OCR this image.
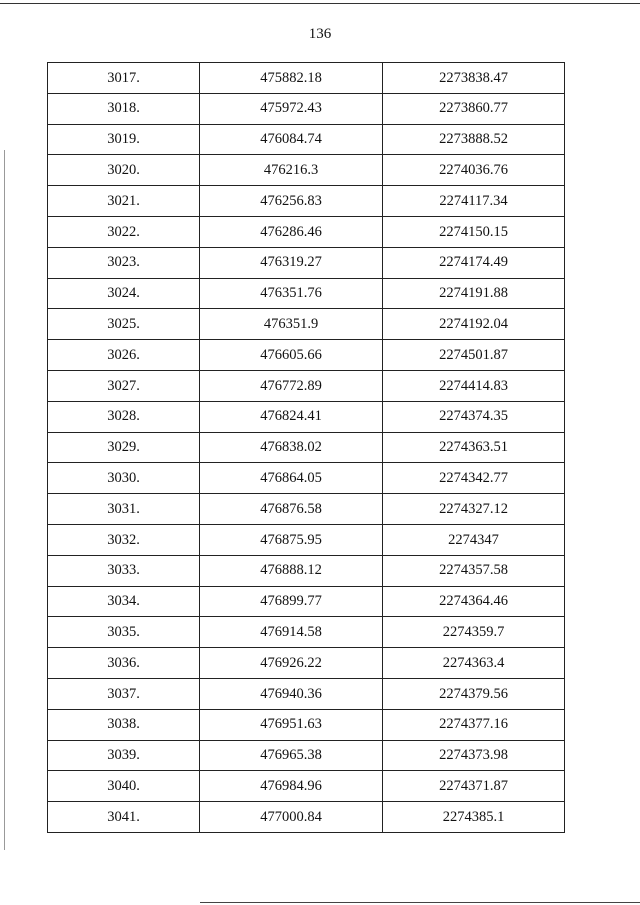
136
3017.	475882.18	2273838.47
3018.	475972.43	2273860.77
3019.	476084.74	2273888.52
3020.	476216.3	2274036.76
3021.	476256.83	2274117.34
3022.	476286.46	2274150.15
3023.	476319.27	2274174.49
3024.	476351.76	2274191.88
3025.	476351.9	2274192.04
3026.	476605.66	2274501.87
3027.	476772.89	2274414.83
3028.	476824.41	2274374.35
3029.	476838.02	2274363.51
3030.	476864.05	2274342.77
3031.	476876.58	2274327.12
3032.	476875.95	2274347
3033.	476888.12	2274357.58
3034.	476899.77	2274364.46
3035.	476914.58	2274359.7
3036.	476926.22	2274363.4
3037.	476940.36	2274379.56
3038.	476951.63	2274377.16
3039.	476965.38	2274373.98
3040.	476984.96	2274371.87
3041.	477000.84	2274385.1
